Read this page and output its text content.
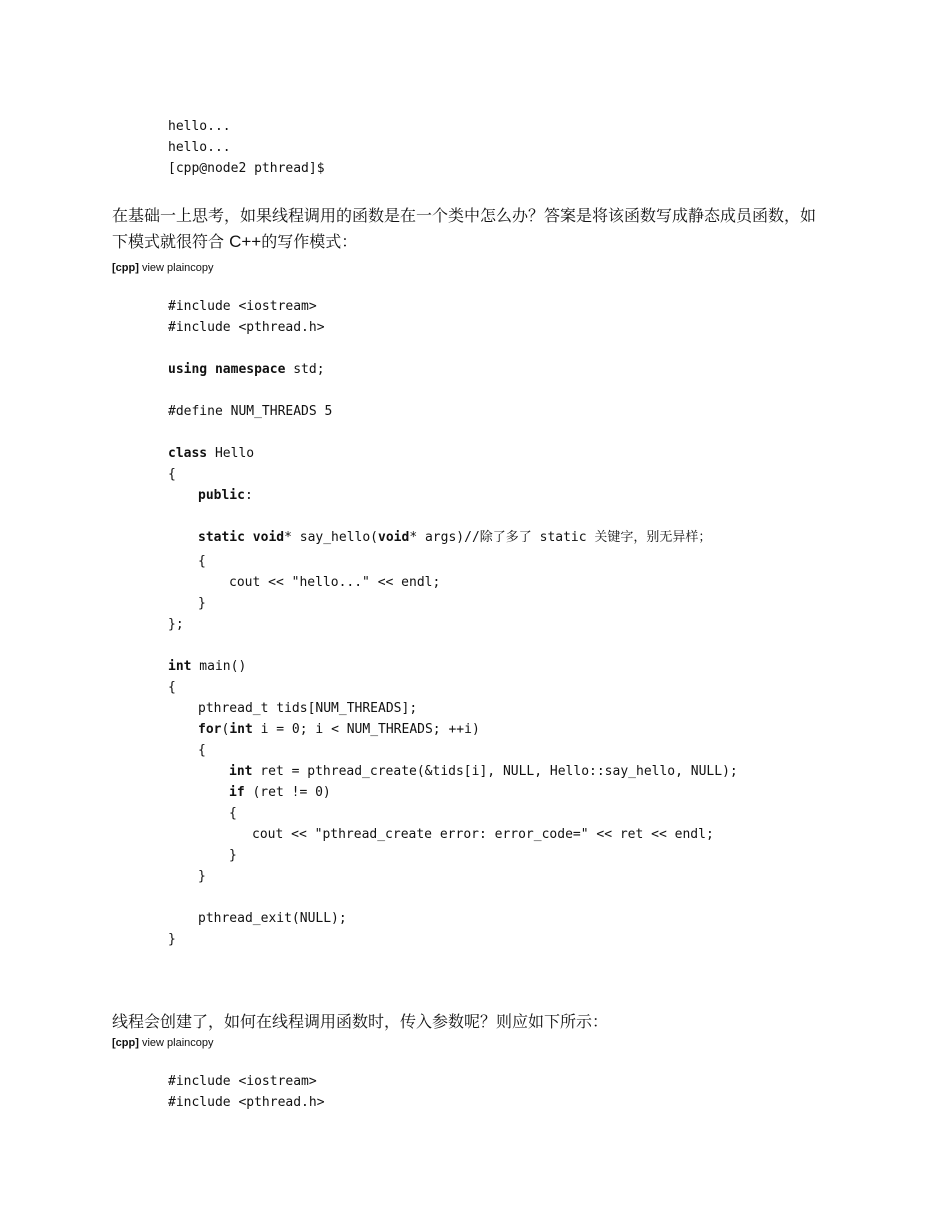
hello...
hello...
[cpp@node2 pthread]$
在基础一上思考，如果线程调用的函数是在一个类中怎么办？答案是将该函数写成静态成员函数，如
下模式就很符合 C++的写作模式：
[cpp] view plaincopy
#include <iostream>
#include <pthread.h>
using namespace std;
#define NUM_THREADS 5
class Hello
{
public:
static void* say_hello(void* args)//除了多了 static 关键字，别无异样；
{
cout << "hello..." << endl;
}
};
int main()
{
pthread_t tids[NUM_THREADS];
for(int i = 0; i < NUM_THREADS; ++i)
{
int ret = pthread_create(&tids[i], NULL, Hello::say_hello, NULL);
if (ret != 0)
{
cout << "pthread_create error: error_code=" << ret << endl;
}
}
pthread_exit(NULL);
}
线程会创建了，如何在线程调用函数时，传入参数呢？则应如下所示：
[cpp] view plaincopy
#include <iostream>
#include <pthread.h>
